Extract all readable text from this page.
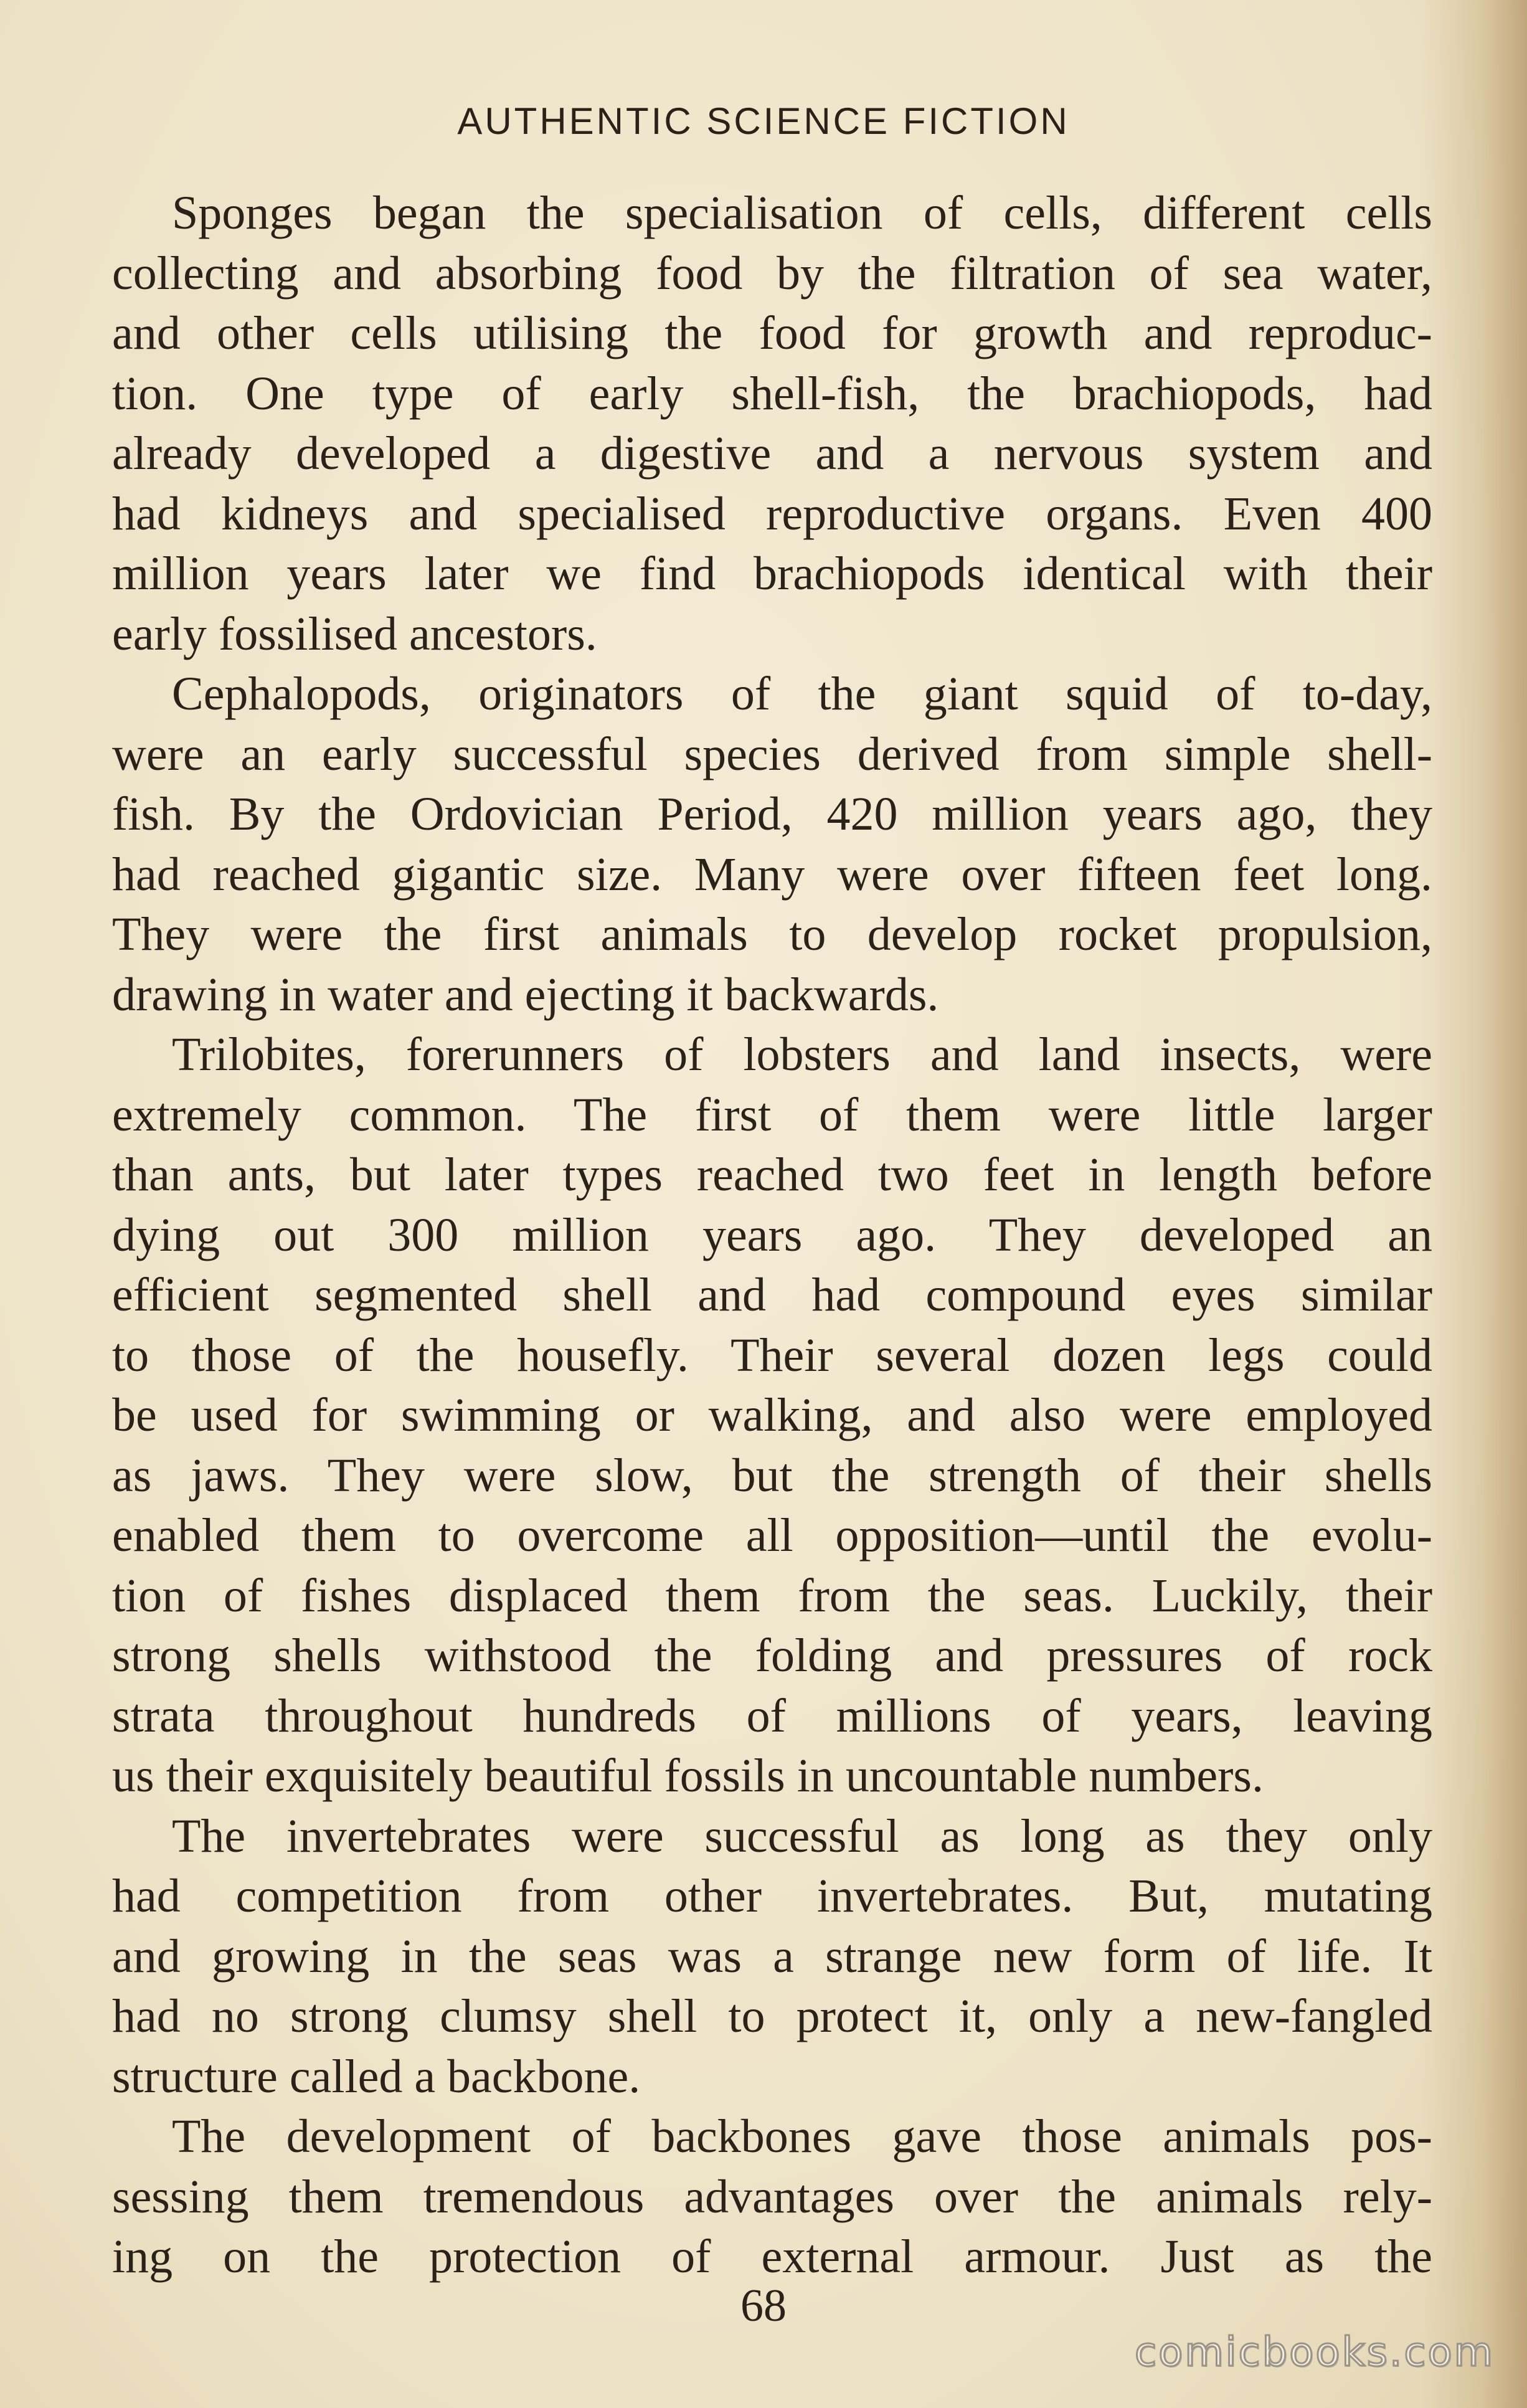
AUTHENTIC SCIENCE FICTION
Sponges began the specialisation of cells, different cells
collecting and absorbing food by the filtration of sea water,
and other cells utilising the food for growth and reproduc-
tion. One type of early shell-fish, the brachiopods, had
already developed a digestive and a nervous system and
had kidneys and specialised reproductive organs. Even 400
million years later we find brachiopods identical with their
early fossilised ancestors.
Cephalopods, originators of the giant squid of to-day,
were an early successful species derived from simple shell-
fish. By the Ordovician Period, 420 million years ago, they
had reached gigantic size. Many were over fifteen feet long.
They were the first animals to develop rocket propulsion,
drawing in water and ejecting it backwards.
Trilobites, forerunners of lobsters and land insects, were
extremely common. The first of them were little larger
than ants, but later types reached two feet in length before
dying out 300 million years ago. They developed an
efficient segmented shell and had compound eyes similar
to those of the housefly. Their several dozen legs could
be used for swimming or walking, and also were employed
as jaws. They were slow, but the strength of their shells
enabled them to overcome all opposition—until the evolu-
tion of fishes displaced them from the seas. Luckily, their
strong shells withstood the folding and pressures of rock
strata throughout hundreds of millions of years, leaving
us their exquisitely beautiful fossils in uncountable numbers.
The invertebrates were successful as long as they only
had competition from other invertebrates. But, mutating
and growing in the seas was a strange new form of life. It
had no strong clumsy shell to protect it, only a new-fangled
structure called a backbone.
The development of backbones gave those animals pos-
sessing them tremendous advantages over the animals rely-
ing on the protection of external armour. Just as the
68
comicbooks.com
